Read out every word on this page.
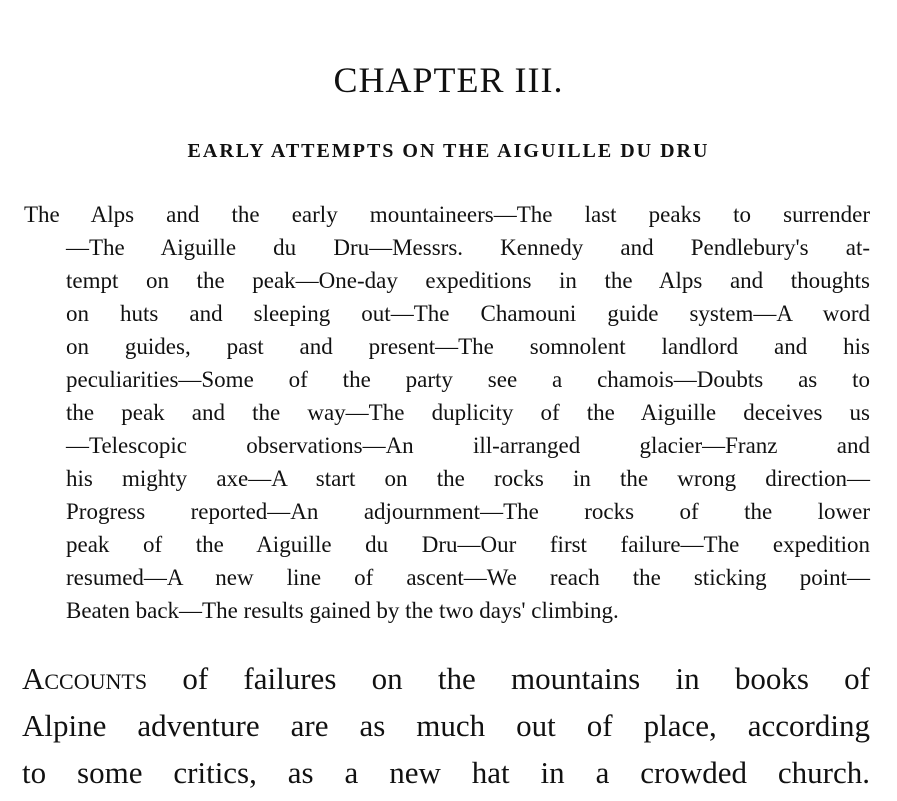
CHAPTER III.
EARLY ATTEMPTS ON THE AIGUILLE DU DRU
The Alps and the early mountaineers—The last peaks to surrender
—The Aiguille du Dru—Messrs. Kennedy and Pendlebury's at-
tempt on the peak—One-day expeditions in the Alps and thoughts
on huts and sleeping out—The Chamouni guide system—A word
on guides, past and present—The somnolent landlord and his
peculiarities—Some of the party see a chamois—Doubts as to
the peak and the way—The duplicity of the Aiguille deceives us
—Telescopic observations—An ill-arranged glacier—Franz and
his mighty axe—A start on the rocks in the wrong direction—
Progress reported—An adjournment—The rocks of the lower
peak of the Aiguille du Dru—Our first failure—The expedition
resumed—A new line of ascent—We reach the sticking point—
Beaten back—The results gained by the two days' climbing.
Accounts of failures on the mountains in books of
Alpine adventure are as much out of place, according
to some critics, as a new hat in a crowded church.
